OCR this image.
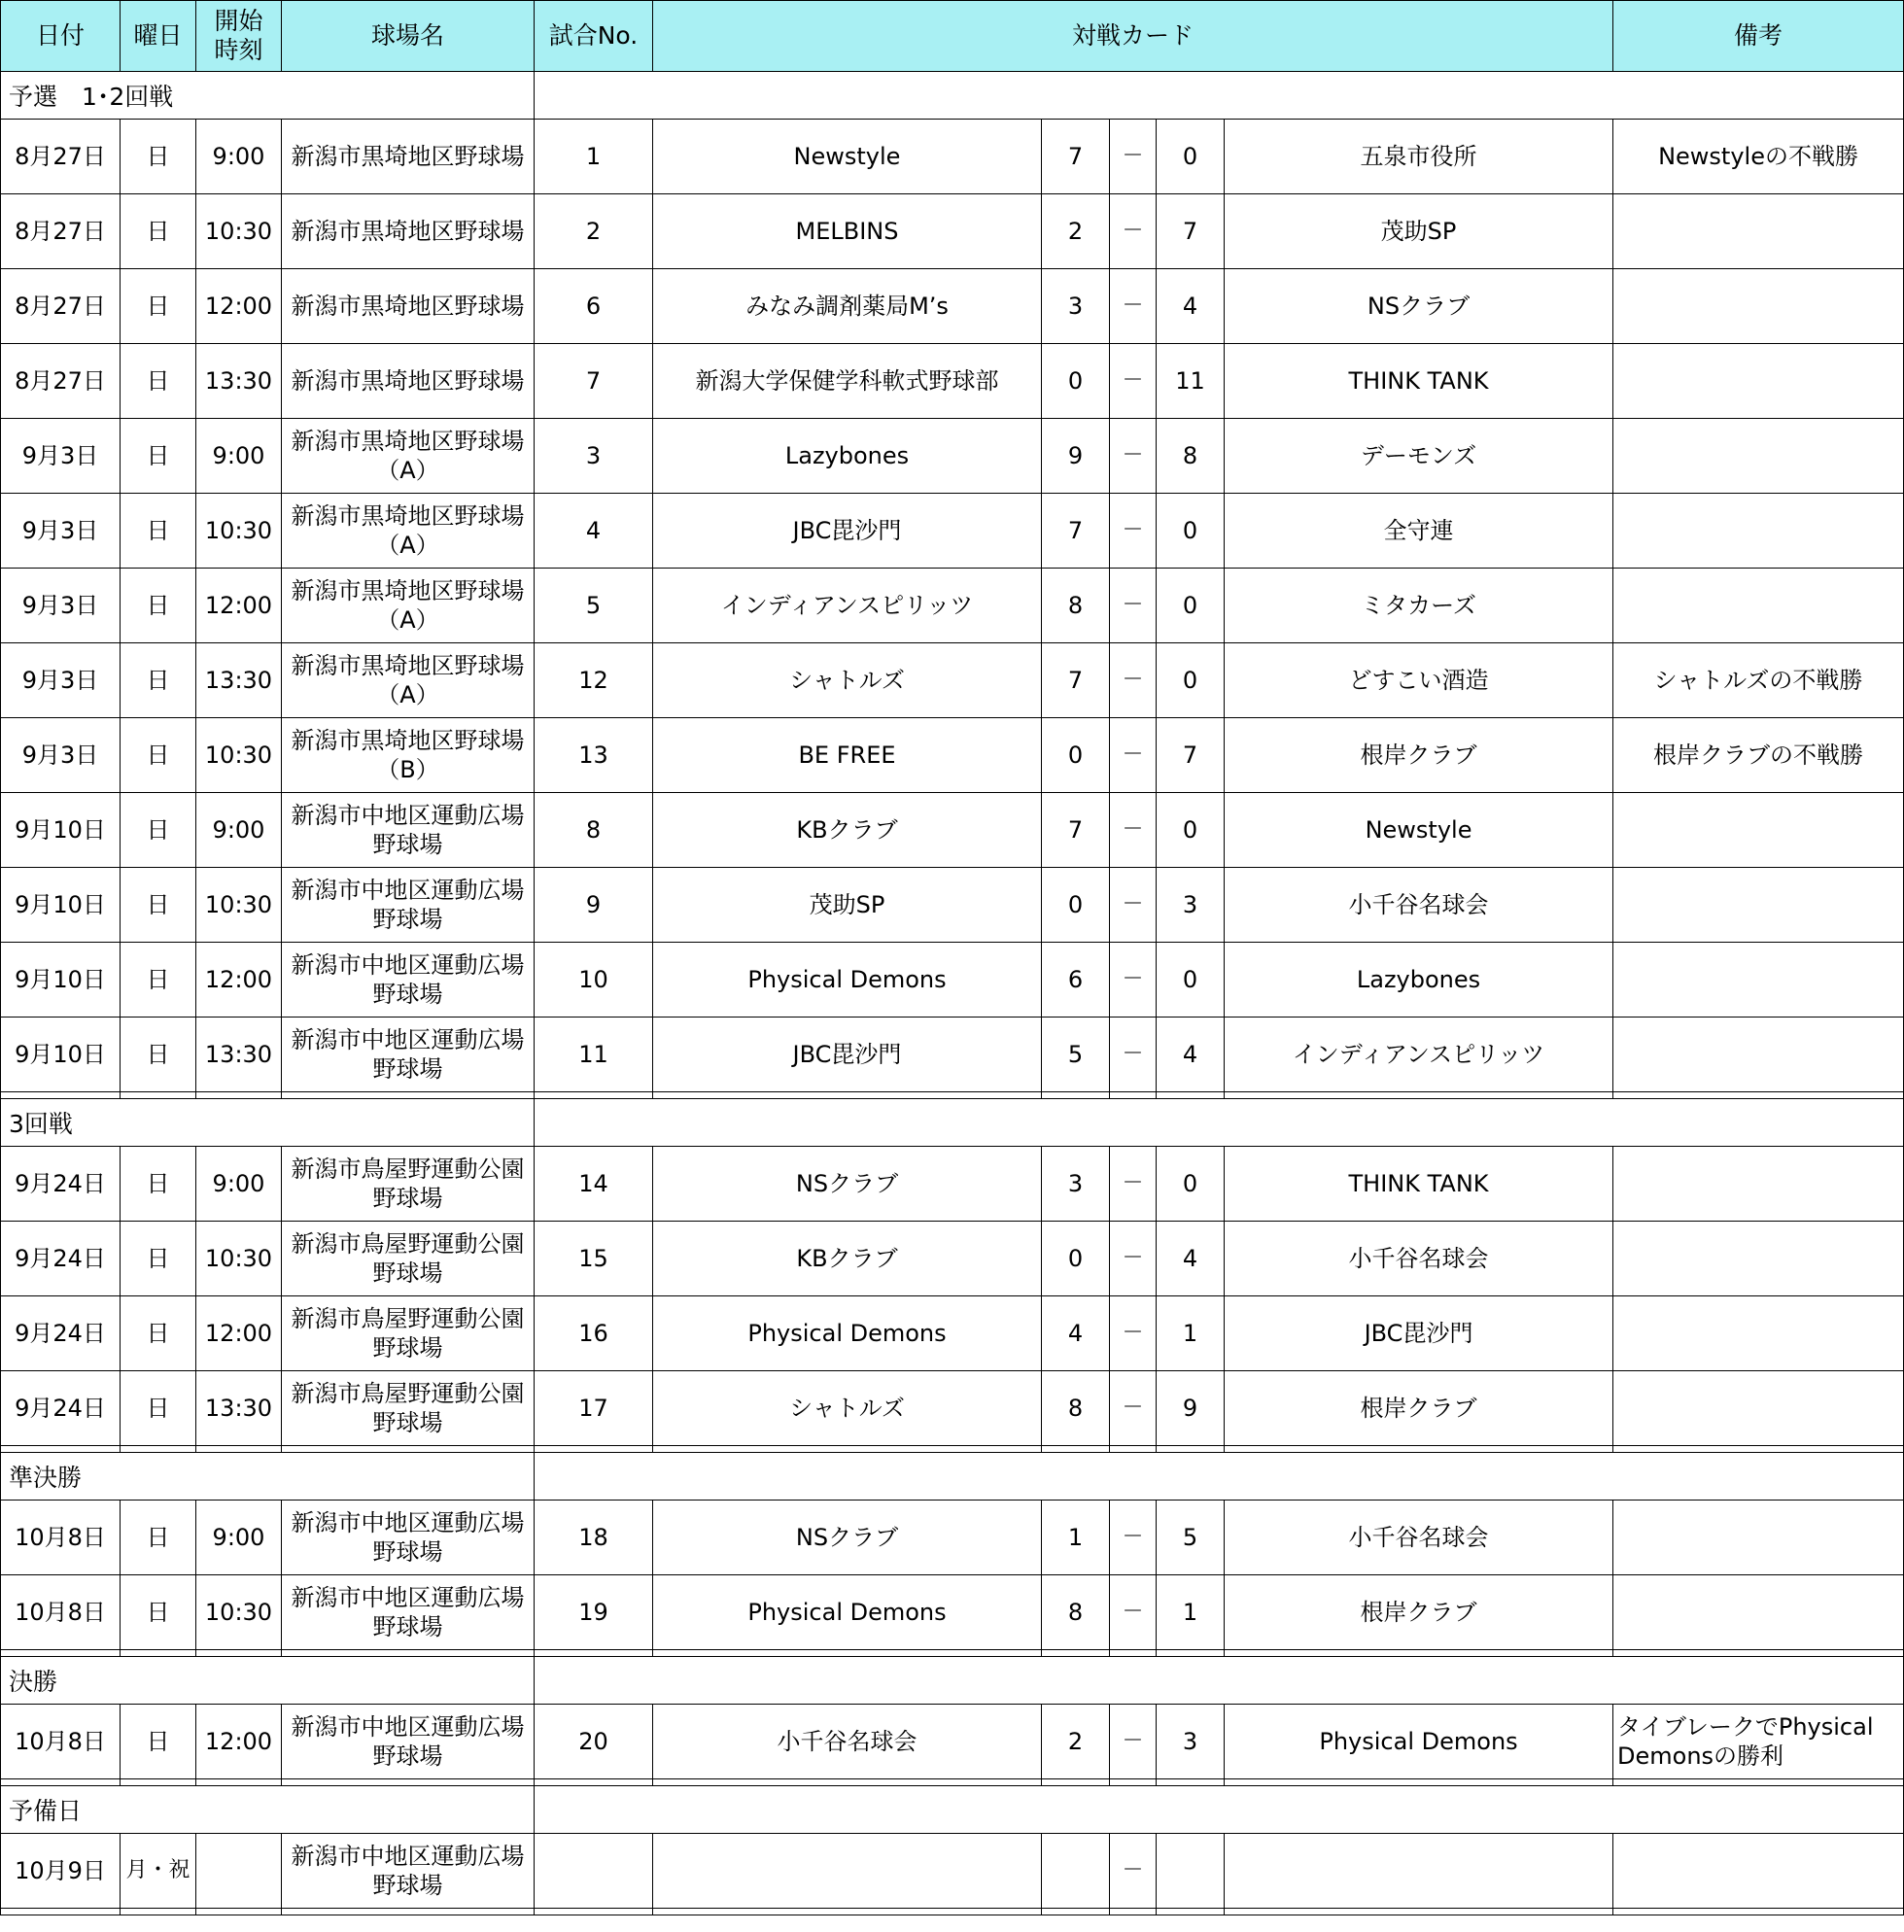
日付	曜日	開始時刻	球場名	試合No.	対戦カード					備考
予選　1･2回戦										
8月27日	日	9:00	新潟市黒埼地区野球場	1	Newstyle	7	－	0	五泉市役所	Newstyleの不戦勝
8月27日	日	10:30	新潟市黒埼地区野球場	2	MELBINS	2	－	7	茂助SP	
8月27日	日	12:00	新潟市黒埼地区野球場	6	みなみ調剤薬局M’s	3	－	4	NSクラブ	
8月27日	日	13:30	新潟市黒埼地区野球場	7	新潟大学保健学科軟式野球部	0	－	11	THINK TANK	
9月3日	日	9:00	新潟市黒埼地区野球場（A）	3	Lazybones	9	－	8	デーモンズ	
9月3日	日	10:30	新潟市黒埼地区野球場（A）	4	JBC毘沙門	7	－	0	全守連	
9月3日	日	12:00	新潟市黒埼地区野球場（A）	5	インディアンスピリッツ	8	－	0	ミタカーズ	
9月3日	日	13:30	新潟市黒埼地区野球場（A）	12	シャトルズ	7	－	0	どすこい酒造	シャトルズの不戦勝
9月3日	日	10:30	新潟市黒埼地区野球場（B）	13	BE FREE	0	－	7	根岸クラブ	根岸クラブの不戦勝
9月10日	日	9:00	新潟市中地区運動広場　野球場	8	KBクラブ	7	－	0	Newstyle	
9月10日	日	10:30	新潟市中地区運動広場　野球場	9	茂助SP	0	－	3	小千谷名球会	
9月10日	日	12:00	新潟市中地区運動広場　野球場	10	Physical Demons	6	－	0	Lazybones	
9月10日	日	13:30	新潟市中地区運動広場　野球場	11	JBC毘沙門	5	－	4	インディアンスピリッツ	

3回戦										
9月24日	日	9:00	新潟市鳥屋野運動公園　野球場	14	NSクラブ	3	－	0	THINK TANK	
9月24日	日	10:30	新潟市鳥屋野運動公園　野球場	15	KBクラブ	0	－	4	小千谷名球会	
9月24日	日	12:00	新潟市鳥屋野運動公園　野球場	16	Physical Demons	4	－	1	JBC毘沙門	
9月24日	日	13:30	新潟市鳥屋野運動公園　野球場	17	シャトルズ	8	－	9	根岸クラブ	

準決勝										
10月8日	日	9:00	新潟市中地区運動広場　野球場	18	NSクラブ	1	－	5	小千谷名球会	
10月8日	日	10:30	新潟市中地区運動広場　野球場	19	Physical Demons	8	－	1	根岸クラブ	

決勝										
10月8日	日	12:00	新潟市中地区運動広場　野球場	20	小千谷名球会	2	－	3	Physical Demons	タイブレークでPhysical Demonsの勝利

予備日										
10月9日	月・祝		新潟市中地区運動広場　野球場				－			
